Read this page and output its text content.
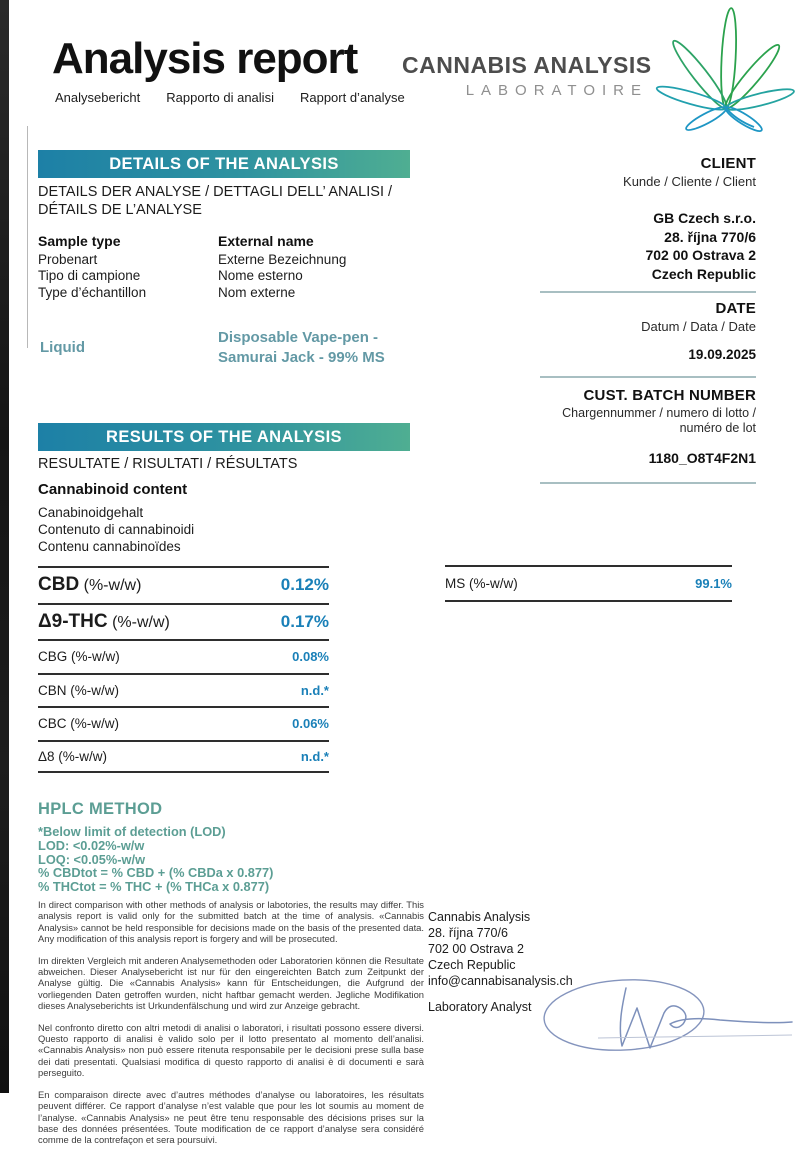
Analysis report
Analysebericht Rapporto di analisi Rapport d’analyse
CANNABIS ANALYSIS
LABORATOIRE
DETAILS OF THE ANALYSIS
DETAILS DER ANALYSE / DETTAGLI DELL’ ANALISI / DÉTAILS DE L’ANALYSE
Sample type
Probenart
Tipo di campione
Type d’échantillon
External name
Externe Bezeichnung
Nome esterno
Nom externe
Liquid
Disposable Vape-pen - Samurai Jack - 99% MS
CLIENT
Kunde / Cliente / Client
GB Czech s.r.o.
28. října 770/6
702 00 Ostrava 2
Czech Republic
DATE
Datum / Data / Date
19.09.2025
CUST. BATCH NUMBER
Chargennummer / numero di lotto / numéro de lot
1180_O8T4F2N1
RESULTS OF THE ANALYSIS
RESULTATE / RISULTATI / RÉSULTATS
Cannabinoid content
Canabinoidgehalt
Contenuto di cannabinoidi
Contenu cannabinoïdes
CBD (%-w/w)	0.12%
Δ9-THC (%-w/w)	0.17%
CBG (%-w/w)	0.08%
CBN (%-w/w)	n.d.*
CBC (%-w/w)	0.06%
Δ8 (%-w/w)	n.d.*
MS (%-w/w)	99.1%
HPLC METHOD
*Below limit of detection (LOD)
LOD: <0.02%-w/w
LOQ: <0.05%-w/w
% CBDtot = % CBD + (% CBDa x 0.877)
% THCtot = % THC + (% THCa x 0.877)

In direct comparison with other methods of analysis or labotories, the results may differ. This analysis report is valid only for the submitted batch at the time of analysis. «Cannabis Analysis» cannot be held responsible for decisions made on the basis of the presented data. Any modification of this analysis report is forgery and will be prosecuted.

Im direkten Vergleich mit anderen Analysemethoden oder Laboratorien können die Resultate abweichen. Dieser Analysebericht ist nur für den eingereichten Batch zum Zeitpunkt der Analyse gültig. Die «Cannabis Analysis» kann für Entscheidungen, die Aufgrund der vorliegenden Daten getroffen wurden, nicht haftbar gemacht werden. Jegliche Modifikation dieses Analyseberichts ist Urkundenfälschung und wird zur Anzeige gebracht.

Nel confronto diretto con altri metodi di analisi o laboratori, i risultati possono essere diversi. Questo rapporto di analisi è valido solo per il lotto presentato al momento dell’analisi. «Cannabis Analysis» non può essere ritenuta responsabile per le decisioni prese sulla base dei dati presentati. Qualsiasi modifica di questo rapporto di analisi è di documenti e sarà perseguito.

En comparaison directe avec d’autres méthodes d’analyse ou laboratoires, les résultats peuvent différer. Ce rapport d’analyse n’est valable que pour les lot soumis au moment de l’analyse. «Cannabis Analysis» ne peut être tenu responsable des décisions prises sur la base des données présentées. Toute modification de ce rapport d’analyse sera considéré comme de la contrefaçon et sera poursuivi.

Cannabis Analysis
28. října 770/6
702 00 Ostrava 2
Czech Republic
info@cannabisanalysis.ch
Laboratory Analyst
